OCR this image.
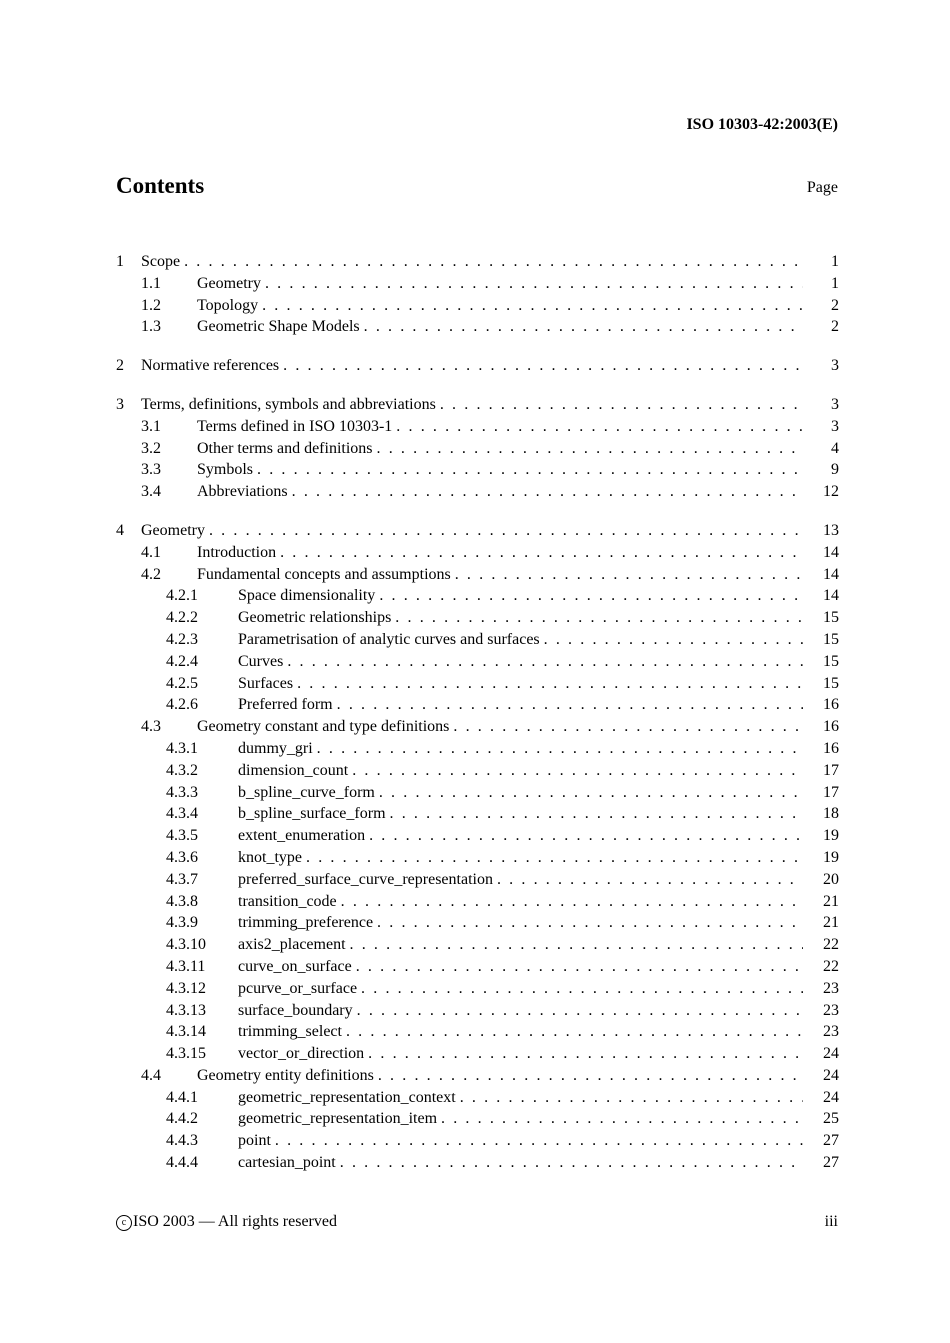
ISO 10303-42:2003(E)
Contents	Page
1	Scope . . .	1
1.1	Geometry . . .	1
1.2	Topology . . .	2
1.3	Geometric Shape Models . . .	2
2	Normative references . . .	3
3	Terms, definitions, symbols and abbreviations . . .	3
3.1	Terms defined in ISO 10303-1 . . .	3
3.2	Other terms and definitions . . .	4
3.3	Symbols . . .	9
3.4	Abbreviations . . .	12
4	Geometry . . .	13
4.1	Introduction . . .	14
4.2	Fundamental concepts and assumptions . . .	14
4.2.1	Space dimensionality . . .	14
4.2.2	Geometric relationships . . .	15
4.2.3	Parametrisation of analytic curves and surfaces . . .	15
4.2.4	Curves . . .	15
4.2.5	Surfaces . . .	15
4.2.6	Preferred form . . .	16
4.3	Geometry constant and type definitions . . .	16
4.3.1	dummy_gri . . .	16
4.3.2	dimension_count . . .	17
4.3.3	b_spline_curve_form . . .	17
4.3.4	b_spline_surface_form . . .	18
4.3.5	extent_enumeration . . .	19
4.3.6	knot_type . . .	19
4.3.7	preferred_surface_curve_representation . . .	20
4.3.8	transition_code . . .	21
4.3.9	trimming_preference . . .	21
4.3.10	axis2_placement . . .	22
4.3.11	curve_on_surface . . .	22
4.3.12	pcurve_or_surface . . .	23
4.3.13	surface_boundary . . .	23
4.3.14	trimming_select . . .	23
4.3.15	vector_or_direction . . .	24
4.4	Geometry entity definitions . . .	24
4.4.1	geometric_representation_context . . .	24
4.4.2	geometric_representation_item . . .	25
4.4.3	point . . .	27
4.4.4	cartesian_point . . .	27
c ISO 2003 — All rights reserved	iii
